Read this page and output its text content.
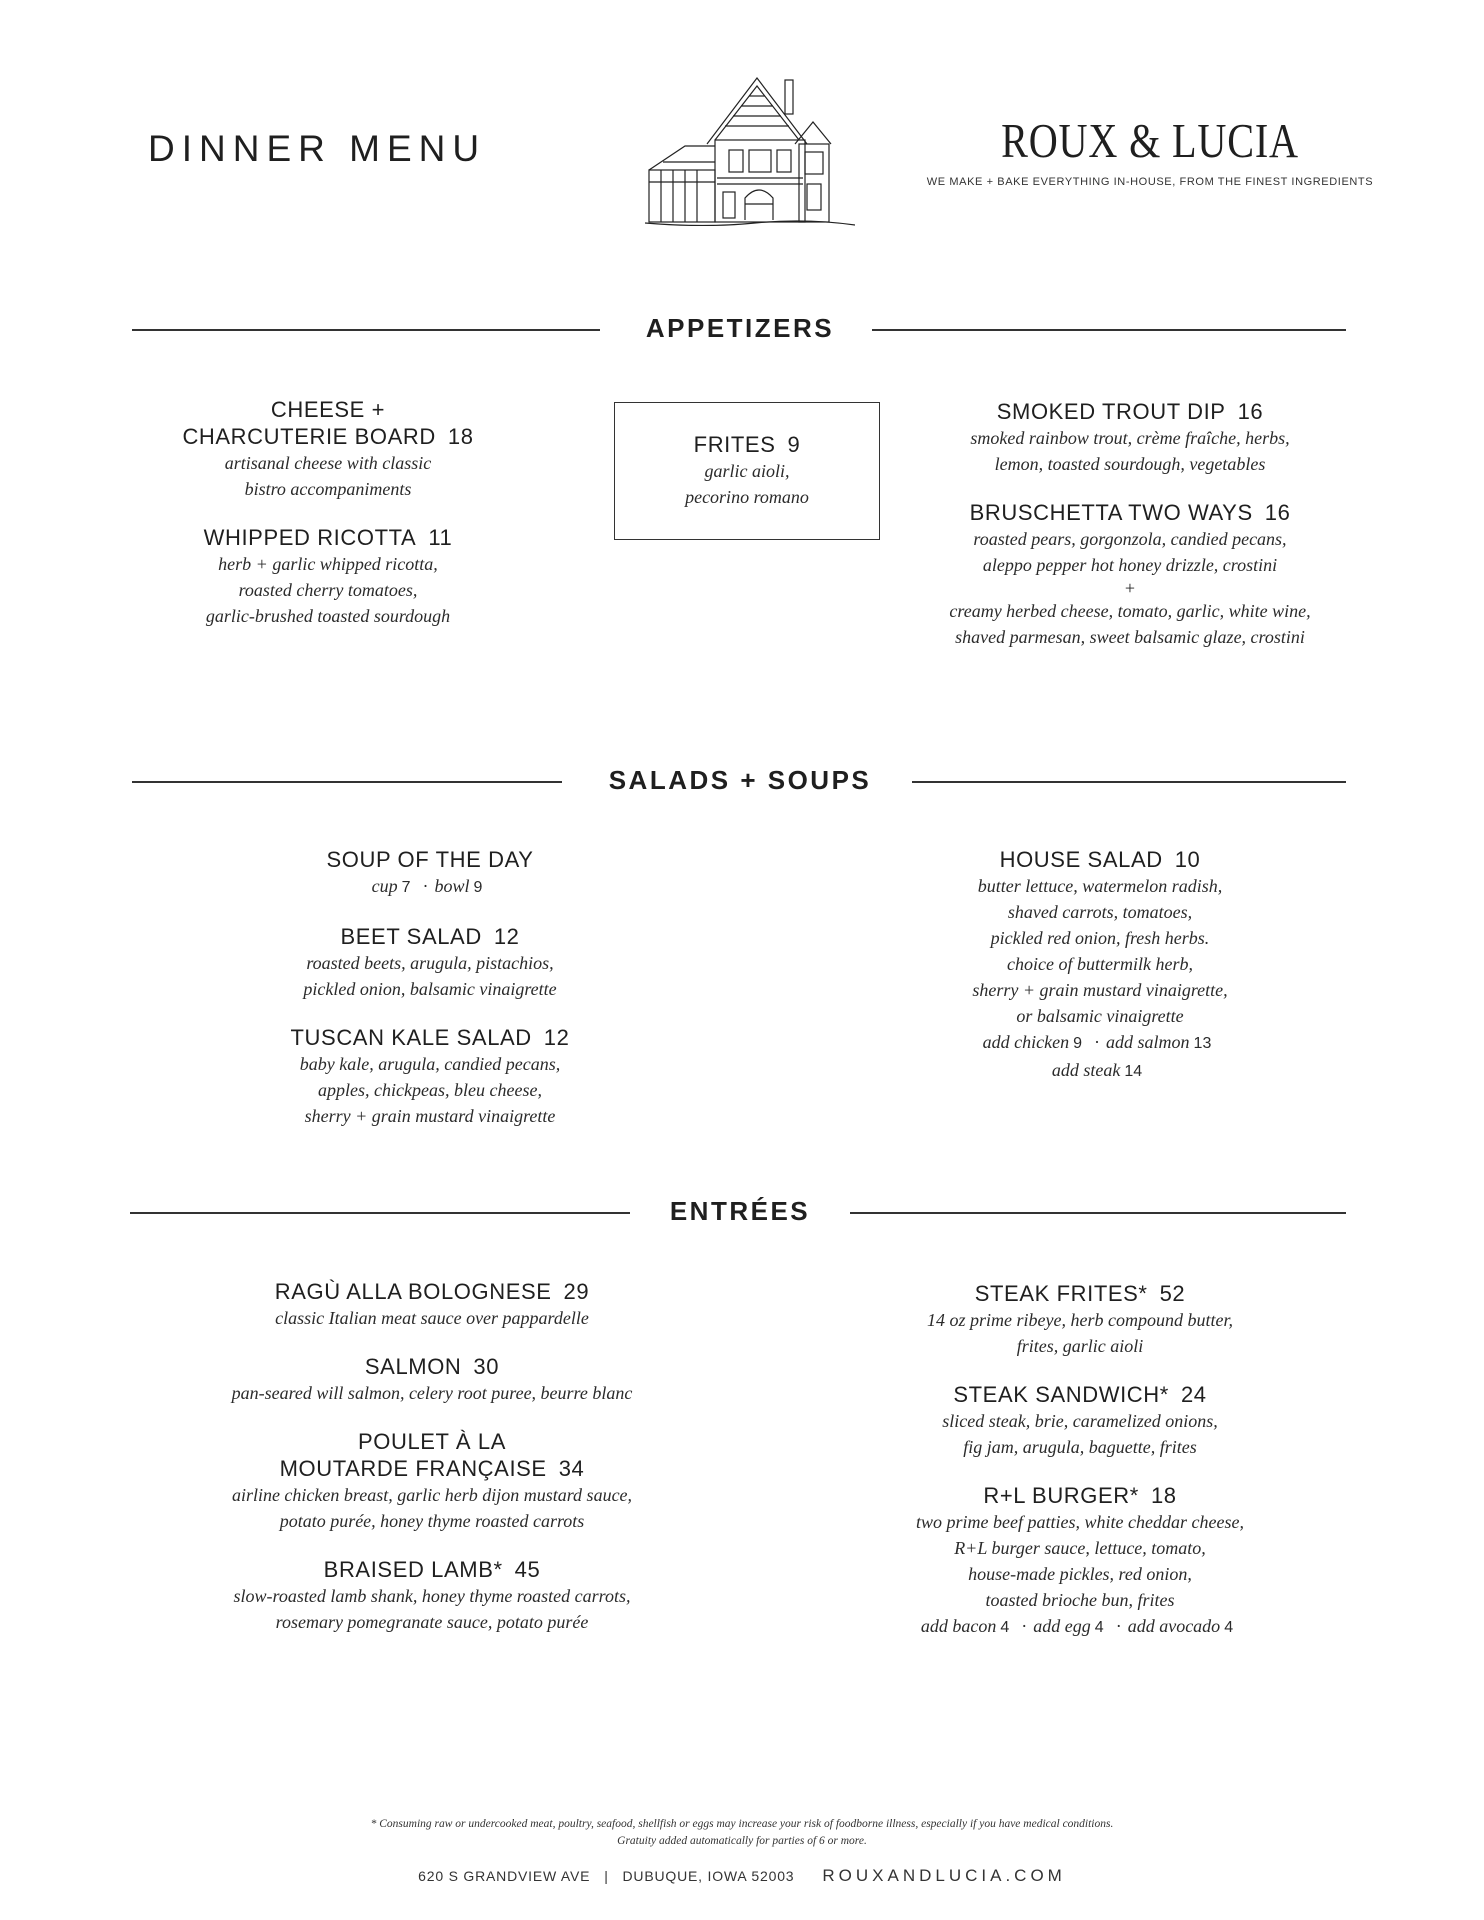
DINNER MENU	ROUX & LUCIA
WE MAKE + BAKE EVERYTHING IN-HOUSE, FROM THE FINEST INGREDIENTS
APPETIZERS
CHEESE +
CHARCUTERIE BOARD 18
artisanal cheese with classic
bistro accompaniments
WHIPPED RICOTTA 11
herb + garlic whipped ricotta,
roasted cherry tomatoes,
garlic-brushed toasted sourdough
FRITES 9
garlic aioli,
pecorino romano
SMOKED TROUT DIP 16
smoked rainbow trout, crème fraîche, herbs,
lemon, toasted sourdough, vegetables
BRUSCHETTA TWO WAYS 16
roasted pears, gorgonzola, candied pecans,
aleppo pepper hot honey drizzle, crostini
+
creamy herbed cheese, tomato, garlic, white wine,
shaved parmesan, sweet balsamic glaze, crostini
SALADS + SOUPS
SOUP OF THE DAY
cup 7 · bowl 9
BEET SALAD 12
roasted beets, arugula, pistachios,
pickled onion, balsamic vinaigrette
TUSCAN KALE SALAD 12
baby kale, arugula, candied pecans,
apples, chickpeas, bleu cheese,
sherry + grain mustard vinaigrette
HOUSE SALAD 10
butter lettuce, watermelon radish,
shaved carrots, tomatoes,
pickled red onion, fresh herbs.
choice of buttermilk herb,
sherry + grain mustard vinaigrette,
or balsamic vinaigrette
add chicken 9 · add salmon 13
add steak 14
ENTRÉES
RAGÙ ALLA BOLOGNESE 29
classic Italian meat sauce over pappardelle
SALMON 30
pan-seared will salmon, celery root puree, beurre blanc
POULET À LA
MOUTARDE FRANÇAISE 34
airline chicken breast, garlic herb dijon mustard sauce,
potato purée, honey thyme roasted carrots
BRAISED LAMB* 45
slow-roasted lamb shank, honey thyme roasted carrots,
rosemary pomegranate sauce, potato purée
STEAK FRITES* 52
14 oz prime ribeye, herb compound butter,
frites, garlic aioli
STEAK SANDWICH* 24
sliced steak, brie, caramelized onions,
fig jam, arugula, baguette, frites
R+L BURGER* 18
two prime beef patties, white cheddar cheese,
R+L burger sauce, lettuce, tomato,
house-made pickles, red onion,
toasted brioche bun, frites
add bacon 4 · add egg 4 · add avocado 4
* Consuming raw or undercooked meat, poultry, seafood, shellfish or eggs may increase your risk of foodborne illness, especially if you have medical conditions.
Gratuity added automatically for parties of 6 or more.
620 S GRANDVIEW AVE | DUBUQUE, IOWA 52003 ROUXANDLUCIA.COM
